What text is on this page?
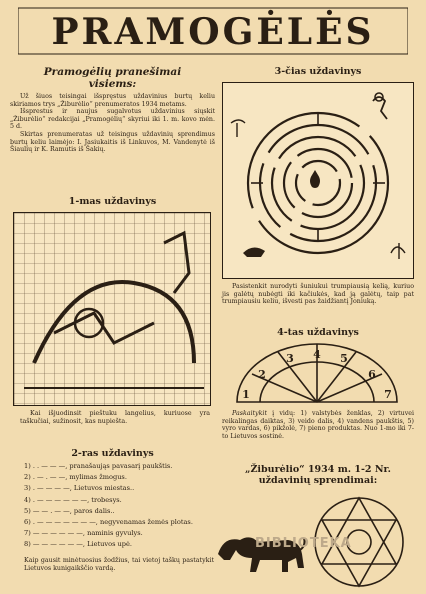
PRAMOGĖLĖS
Pramogėlių pranešimai
visiems:

Už šiuos teisingai išspręstus uždavinius burtų keliu skiriamos trys „Žiburėlio“ prenumeratos 1934 metams.

Išsprestus ir naujus sugalvotus uždavinius siųskit „Žiburėlio“ redakcijai „Pramogėlių“ skyriui iki 1. m. kovo mėn. 5 d.

Skirtas prenumeratas už teisingus uždavinių sprendimus burtų keliu laimėjo: I. Jasiukaitis iš Linkuvos, M. Vandenytė iš Šiaulių ir K. Ramutis iš Šakių.

1-mas uždavinys

Kai išjuodinsit pieštuku langelius, kuriuose yra taškučiai, sužinosit, kas nupiešta.

2-ras uždavinys
1) . . — — —, pranašaująs pavasarį paukštis.
2) . — . — —, mylimas žmogus.
3) . — — — —, Lietuvos miestas..
4) . — — — — — —, trobesys.
5) — — . — —, paros dalis..
6) . — — — — — — —, negyvenamas žemės plotas.
7) — — — — — —, naminis gyvulys.
8) — — — — — —, Lietuvos upė.

Kaip gausit minėtuosius žodžius, tai vietoj taškų pastatykit Lietuvos kunigaikščio vardą.

3-čias uždavinys

Pasistenkit nurodyti šuniukui trumpiausią kelią, kuriuo jis galėtų nubėgti iki kačiukės, kad ją galėtų, taip pat trumpiausiu keliu, išvesti pas žaidžiantį Joniuką.

4-tas uždavinys
1
2
3 4 5
6
7

Paskaitykit į vidų: 1) valstybės ženklas, 2) virtuvei reikalingas daiktas, 3) veido dalis, 4) vandens paukštis, 5) vyro vardas, 6) pikžolė, 7) pieno produktas. Nuo 1-mo iki 7-to Lietuvos sostinė.

„Žiburėlio“ 1934 m. 1-2 Nr. uždavinių sprendimai:
BIBLIOTEKA
